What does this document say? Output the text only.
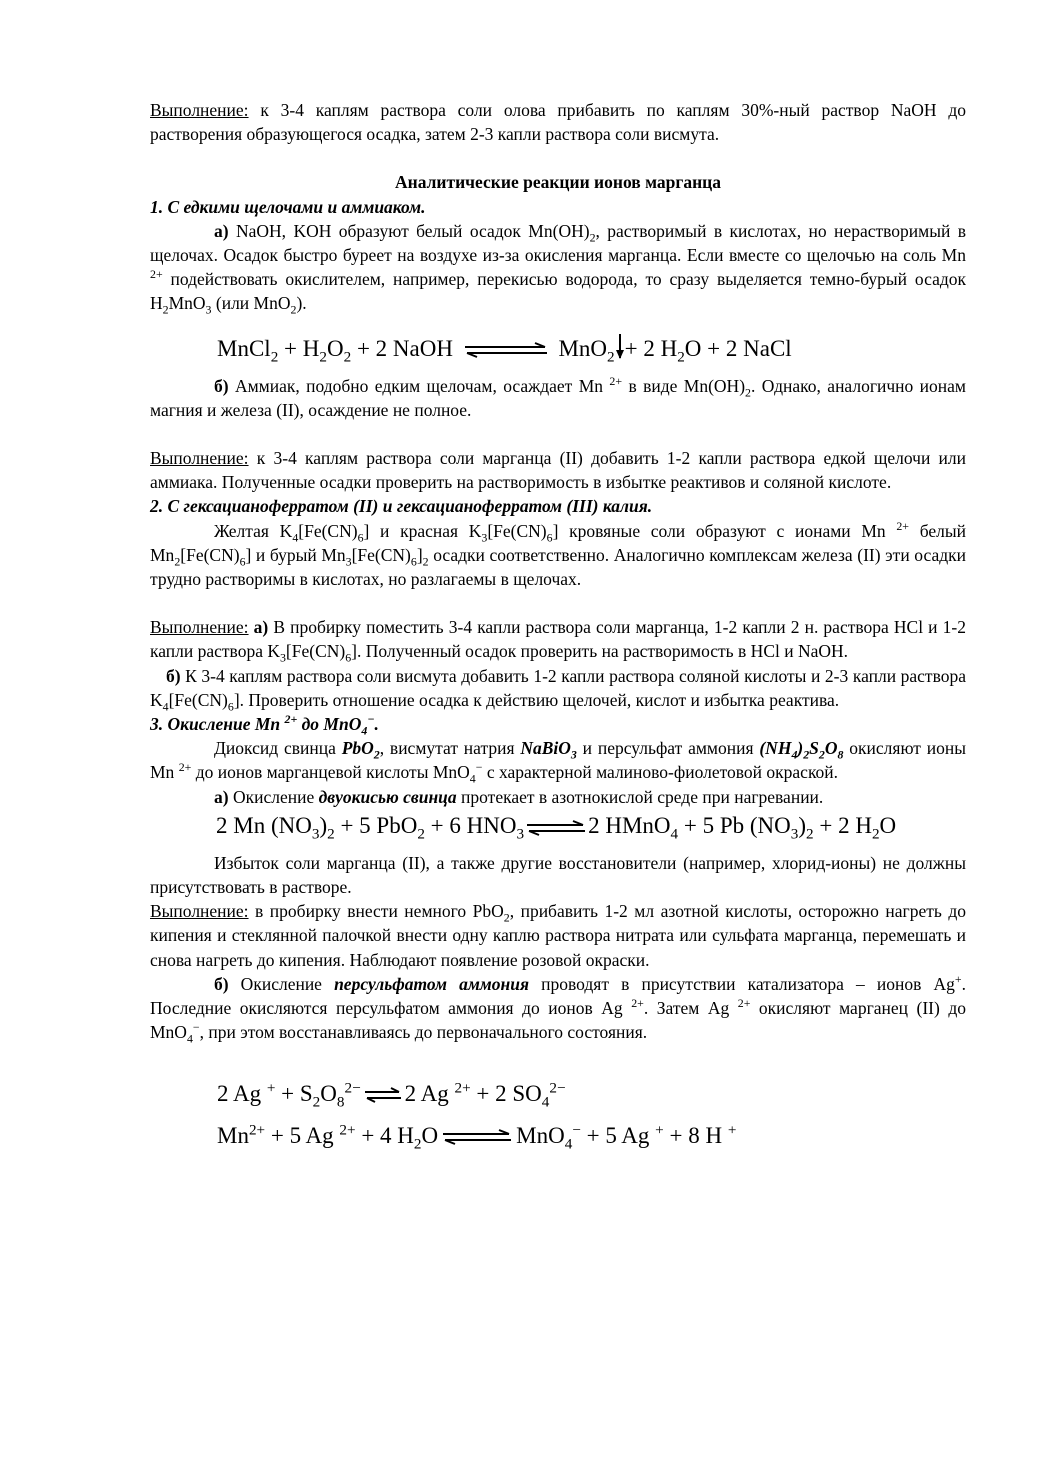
Выполнение: к 3-4 каплям раствора соли олова прибавить по каплям 30%-ный раствор NaOH до растворения образующегося осадка, затем 2-3 капли раствора соли висмута.

Аналитические реакции ионов марганца

1. С едкими щелочами и аммиаком.

а) NaOH, KOH образуют белый осадок $Mn(OH)_2$, растворимый в кислотах, но нерастворимый в щелочах. Осадок быстро буреет на воздухе из-за окисления марганца. Если вместе со щелочью на соль Mn $^{2+}$ подействовать окислителем, например, перекисью водорода, то сразу выделяется темно-бурый осадок $H_2MnO_3$ (или MnO$_2$).

MnCl$_2$ + $H_2O_2 + 2$ NaOH ⇌ MnO$_2$ + 2 $H_2O + 2$ NaCl

б) Аммиак, подобно едким щелочам, осаждает Mn $^{2+}$ в виде $Mn(OH)_2$. Однако, аналогично ионам магния и железа (II), осаждение не полное.

Выполнение: к 3-4 каплям раствора соли марганца (II) добавить 1-2 капли раствора едкой щелочи или аммиака. Полученные осадки проверить на растворимость в избытке реактивов и соляной кислоте.

2. С гексацианоферратом (II) и гексацианоферратом (III) калия.

Желтая $K_4[Fe(CN)_6]$ и красная $K_3[Fe(CN)_6]$ кровяные соли образуют с ионами Mn $^{2+}$ белый $Mn_2[Fe(CN)_6]$ и бурый $Mn_3[Fe(CN)_6]_2$ осадки соответственно. Аналогично комплексам железа (II) эти осадки трудно растворимы в кислотах, но разлагаемы в щелочах.

Выполнение: а) В пробирку поместить 3-4 капли раствора соли марганца, 1-2 капли 2 н. раствора HCl и 1-2 капли раствора $K_3[Fe(CN)_6]$. Полученный осадок проверить на растворимость в HCl и NaOH.

б) К 3-4 каплям раствора соли висмута добавить 1-2 капли раствора соляной кислоты и 2-3 капли раствора $K_4[Fe(CN)_6]$. Проверить отношение осадка к действию щелочей, кислот и избытка реактива.

3. Окисление Mn $^{2+}$ до MnO$_4$−.

Диоксид свинца PbO$_2$, висмутат натрия NaBiO$_3$ и персульфат аммония $(NH_4)_2S_2O_8$ окисляют ионы Mn $^{2+}$ до ионов марганцевой кислоты MnO$_4$− с характерной малиново-фиолетовой окраской.

а) Окисление двуокисью свинца протекает в азотнокислой среде при нагревании.

2 Mn $(NO_3)_2 + 5$ PbO$_2$ + 6 $HNO_3\rightleftharpoons 2$ HMnO$_4$ + 5 Pb $(NO_3)_2 + 2$ $H_2O$

Избыток соли марганца (II), а также другие восстановители (например, хлорид-ионы) не должны присутствовать в растворе.

Выполнение: в пробирку внести немного PbO$_2$, прибавить 1-2 мл азотной кислоты, осторожно нагреть до кипения и стеклянной палочкой внести одну каплю раствора нитрата или сульфата марганца, перемешать и снова нагреть до кипения. Наблюдают появление розовой окраски.

б) Окисление персульфатом аммония проводят в присутствии катализатора – ионов Ag+. Последние окисляются персульфатом аммония до ионов Ag $^{2+}$. Затем Ag $^{2+}$ окисляют марганец (II) до MnO$_4$−, при этом восстанавливаясь до первоначального состояния.

2 Ag $^+ + S_2O_8^{2-}$ ⇌ 2 Ag $^{2+}$ + 2 $SO_4^{2-}$
$Mn^{2+} + 5$ Ag $^{2+}$ + 4 $H_2O$ ⇌ MnO$_4$− + 5 Ag + + 8 H +
